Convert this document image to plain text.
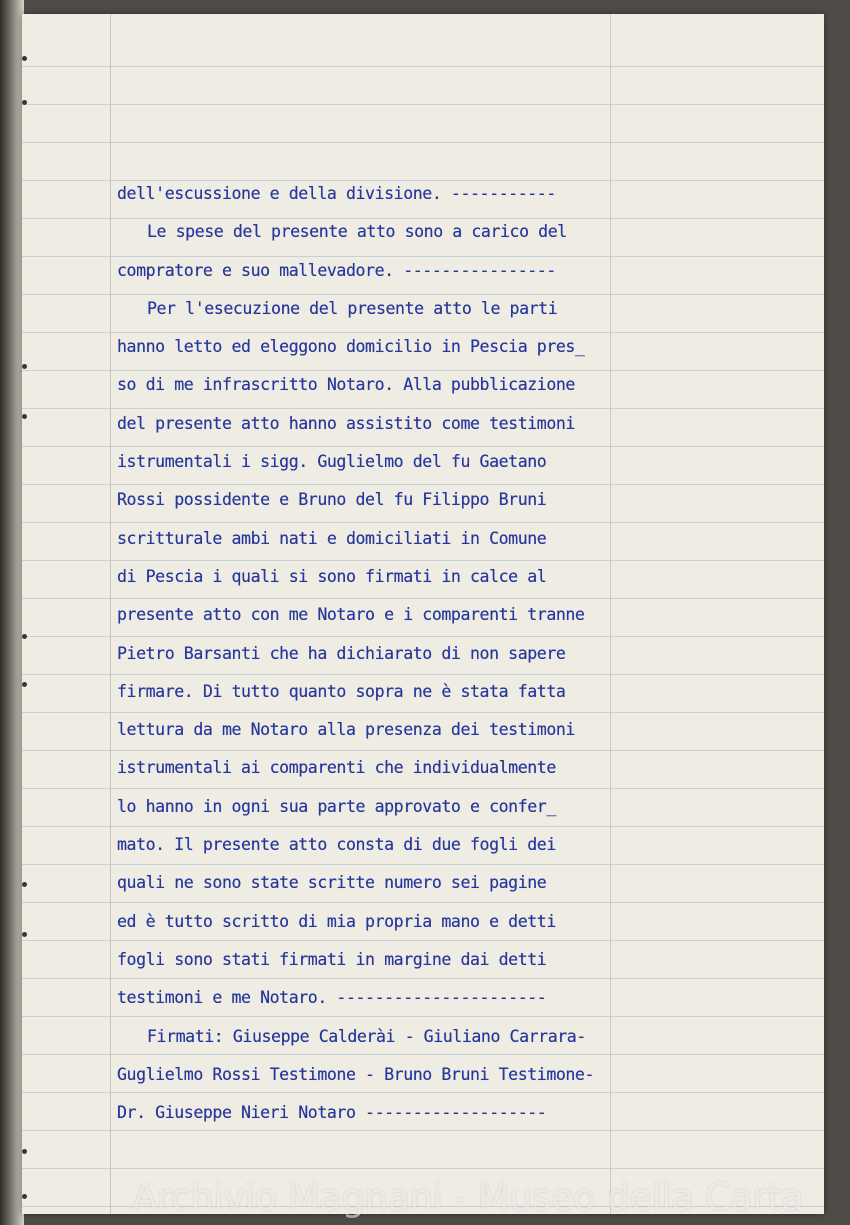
dell'escussione e della divisione. -----------
Le spese del presente atto sono a carico del
compratore e suo mallevadore. ----------------
Per l'esecuzione del presente atto le parti
hanno letto ed eleggono domicilio in Pescia pres_
so di me infrascritto Notaro. Alla pubblicazione
del presente atto hanno assistito come testimoni
istrumentali i sigg. Guglielmo del fu Gaetano
Rossi possidente e Bruno del fu Filippo Bruni
scritturale ambi nati e domiciliati in Comune
di Pescia i quali si sono firmati in calce al
presente atto con me Notaro e i comparenti tranne
Pietro Barsanti che ha dichiarato di non sapere
firmare. Di tutto quanto sopra ne è stata fatta
lettura da me Notaro alla presenza dei testimoni
istrumentali ai comparenti che individualmente
lo hanno in ogni sua parte approvato e confer_
mato. Il presente atto consta di due fogli dei
quali ne sono state scritte numero sei pagine
ed è tutto scritto di mia propria mano e detti
fogli sono stati firmati in margine dai detti
testimoni e me Notaro. ----------------------
Firmati: Giuseppe Calderài - Giuliano Carrara-
Guglielmo Rossi Testimone - Bruno Bruni Testimone-
Dr. Giuseppe Nieri Notaro -------------------
Archivio Magnani - Museo della Carta
